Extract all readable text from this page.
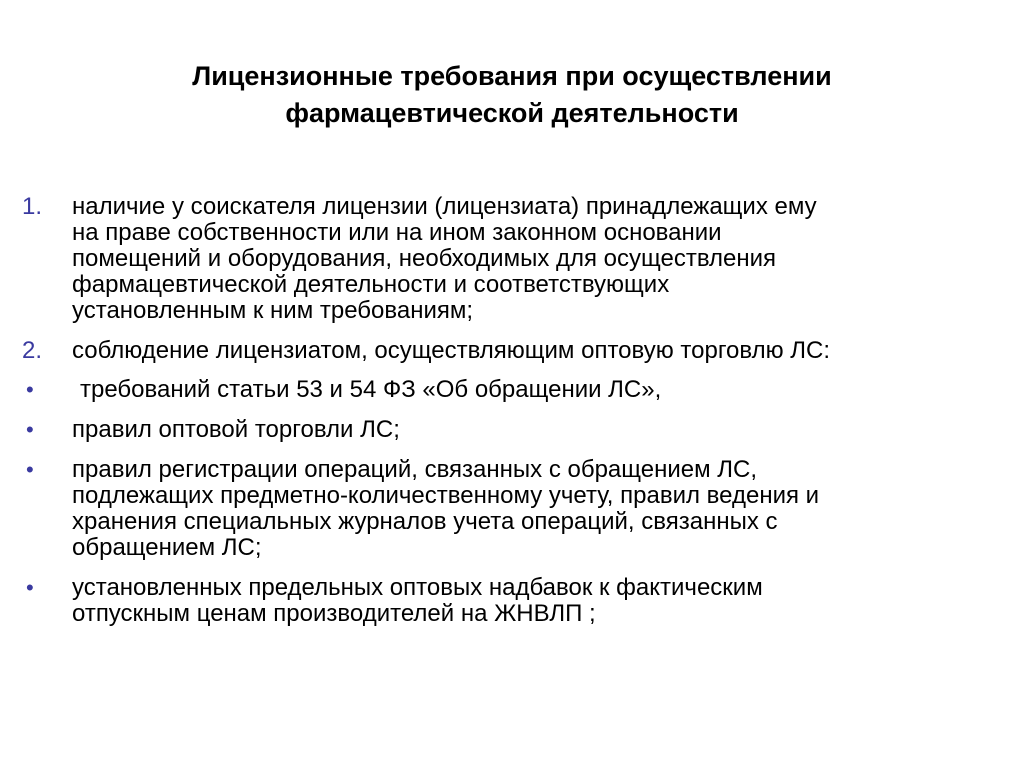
Лицензионные требования при осуществлении
фармацевтической деятельности
1.	наличие у соискателя лицензии (лицензиата) принадлежащих ему
на праве собственности или на ином законном основании
помещений и оборудования, необходимых для осуществления
фармацевтической деятельности и соответствующих
установленным к ним требованиям;
2.	соблюдение лицензиатом, осуществляющим оптовую торговлю ЛС:
•	требований статьи 53 и 54 ФЗ «Об обращении ЛС»,
•	правил оптовой торговли ЛС;
•	правил регистрации операций, связанных с обращением ЛС,
подлежащих предметно-количественному учету, правил ведения и
хранения специальных журналов учета операций, связанных с
обращением ЛС;
•	установленных предельных оптовых надбавок к фактическим
отпускным ценам производителей на ЖНВЛП ;
